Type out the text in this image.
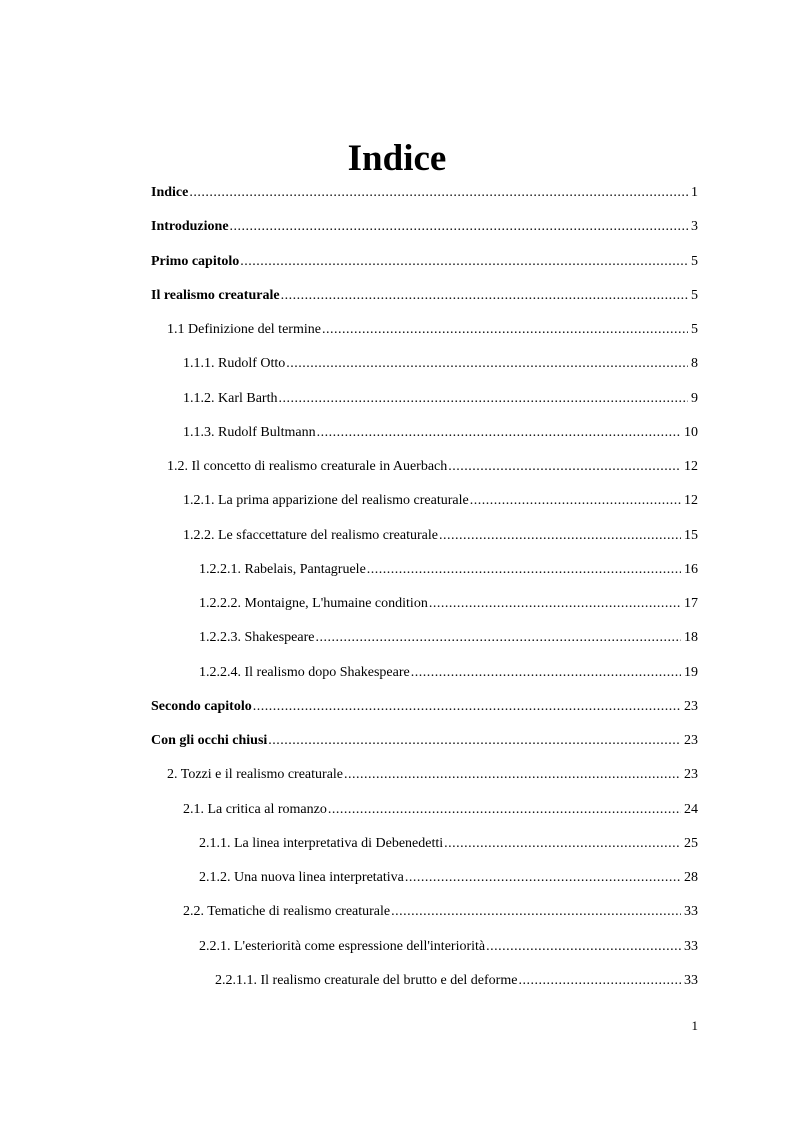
Indice
Indice .....	1
Introduzione .....	3
Primo capitolo .....	5
Il realismo creaturale .....	5
1.1 Definizione del termine .....	5
1.1.1. Rudolf Otto .....	8
1.1.2. Karl Barth .....	9
1.1.3. Rudolf Bultmann .....	10
1.2. Il concetto di realismo creaturale in Auerbach .....	12
1.2.1. La prima apparizione del realismo creaturale .....	12
1.2.2. Le sfaccettature del realismo creaturale .....	15
1.2.2.1. Rabelais, Pantagruele .....	16
1.2.2.2. Montaigne, L'humaine condition .....	17
1.2.2.3. Shakespeare .....	18
1.2.2.4. Il realismo dopo Shakespeare .....	19
Secondo capitolo .....	23
Con gli occhi chiusi .....	23
2. Tozzi e il realismo creaturale .....	23
2.1. La critica al romanzo .....	24
2.1.1. La linea interpretativa di Debenedetti .....	25
2.1.2. Una nuova linea interpretativa .....	28
2.2. Tematiche di realismo creaturale .....	33
2.2.1. L'esteriorità come espressione dell'interiorità .....	33
2.2.1.1. Il realismo creaturale del brutto e del deforme .....	33
1
